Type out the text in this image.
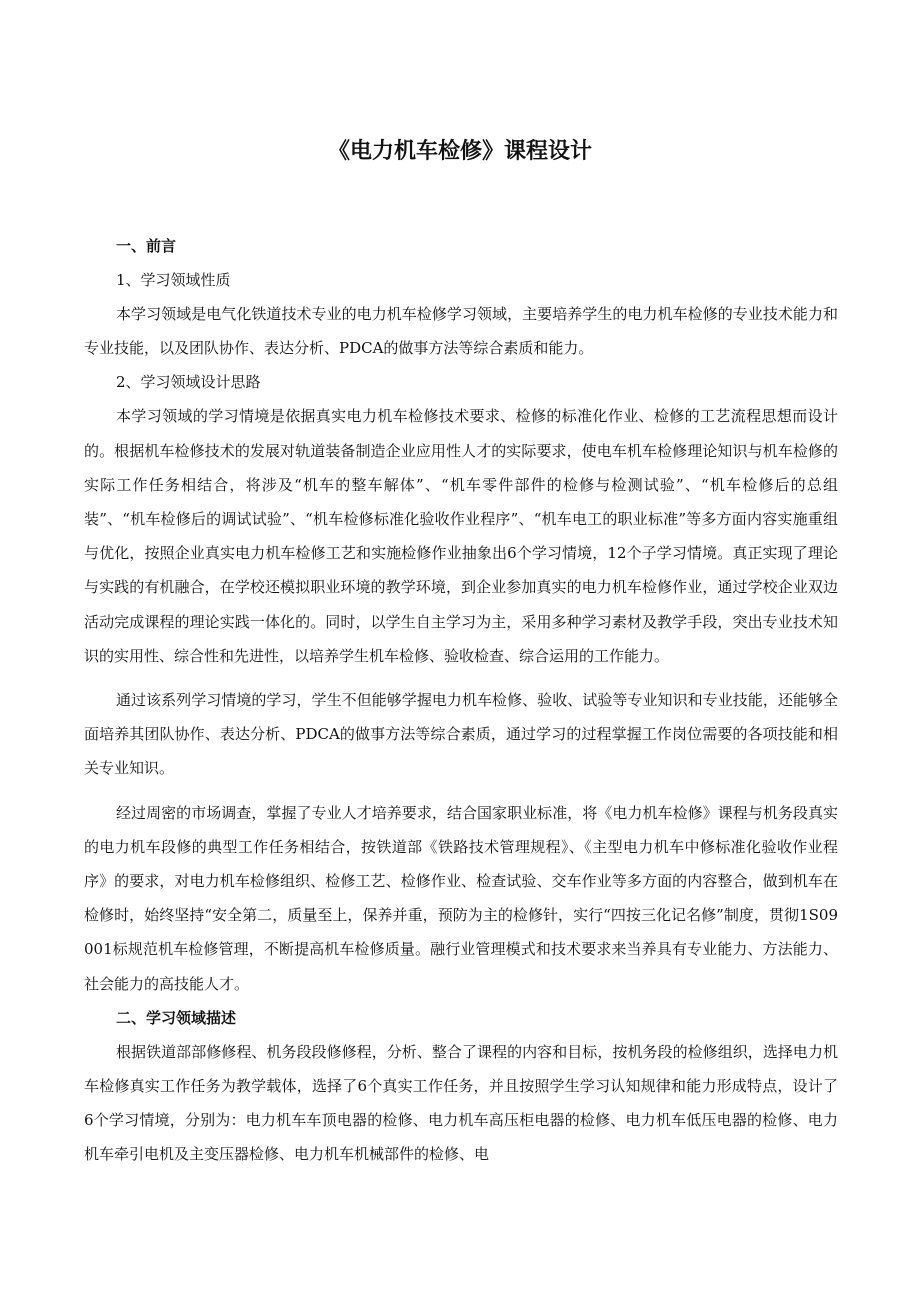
《电力机车检修》课程设计

一、前言

1、学习领域性质

本学习领域是电气化铁道技术专业的电力机车检修学习领域，主要培养学生的电力机车检修的专业技术能力和专业技能，以及团队协作、表达分析、PDCA的做事方法等综合素质和能力。

2、学习领域设计思路

本学习领域的学习情境是依据真实电力机车检修技术要求、检修的标准化作业、检修的工艺流程思想而设计的。根据机车检修技术的发展对轨道装备制造企业应用性人才的实际要求，使电车机车检修理论知识与机车检修的实际工作任务相结合，将涉及“机车的整车解体”、“机车零件部件的检修与检测试验”、“机车检修后的总组装”、“机车检修后的调试试验”、“机车检修标准化验收作业程序”、“机车电工的职业标准”等多方面内容实施重组与优化，按照企业真实电力机车检修工艺和实施检修作业抽象出6个学习情境，12个子学习情境。真正实现了理论与实践的有机融合，在学校还模拟职业环境的教学环境，到企业参加真实的电力机车检修作业，通过学校企业双边活动完成课程的理论实践一体化的。同时，以学生自主学习为主，采用多种学习素材及教学手段，突出专业技术知识的实用性、综合性和先进性，以培养学生机车检修、验收检查、综合运用的工作能力。

通过该系列学习情境的学习，学生不但能够学握电力机车检修、验收、试验等专业知识和专业技能，还能够全面培养其团队协作、表达分析、PDCA的做事方法等综合素质，通过学习的过程掌握工作岗位需要的各项技能和相关专业知识。

经过周密的市场调查，掌握了专业人才培养要求，结合国家职业标准，将《电力机车检修》课程与机务段真实的电力机车段修的典型工作任务相结合，按铁道部《铁路技术管理规程》、《主型电力机车中修标准化验收作业程序》的要求，对电力机车检修组织、检修工艺、检修作业、检查试验、交车作业等多方面的内容整合，做到机车在检修时，始终坚持“安全第二，质量至上，保养并重，预防为主的检修针，实行“四按三化记名修”制度，贯彻1S09001标规范机车检修管理，不断提高机车检修质量。融行业管理模式和技术要求来当养具有专业能力、方法能力、社会能力的高技能人才。

二、学习领域描述

根据铁道部部修修程、机务段段修修程，分析、整合了课程的内容和目标，按机务段的检修组织，选择电力机车检修真实工作任务为教学载体，选择了6个真实工作任务，并且按照学生学习认知规律和能力形成特点，设计了6个学习情境，分别为：电力机车车顶电器的检修、电力机车高压柜电器的检修、电力机车低压电器的检修、电力机车牵引电机及主变压器检修、电力机车机械部件的检修、电
